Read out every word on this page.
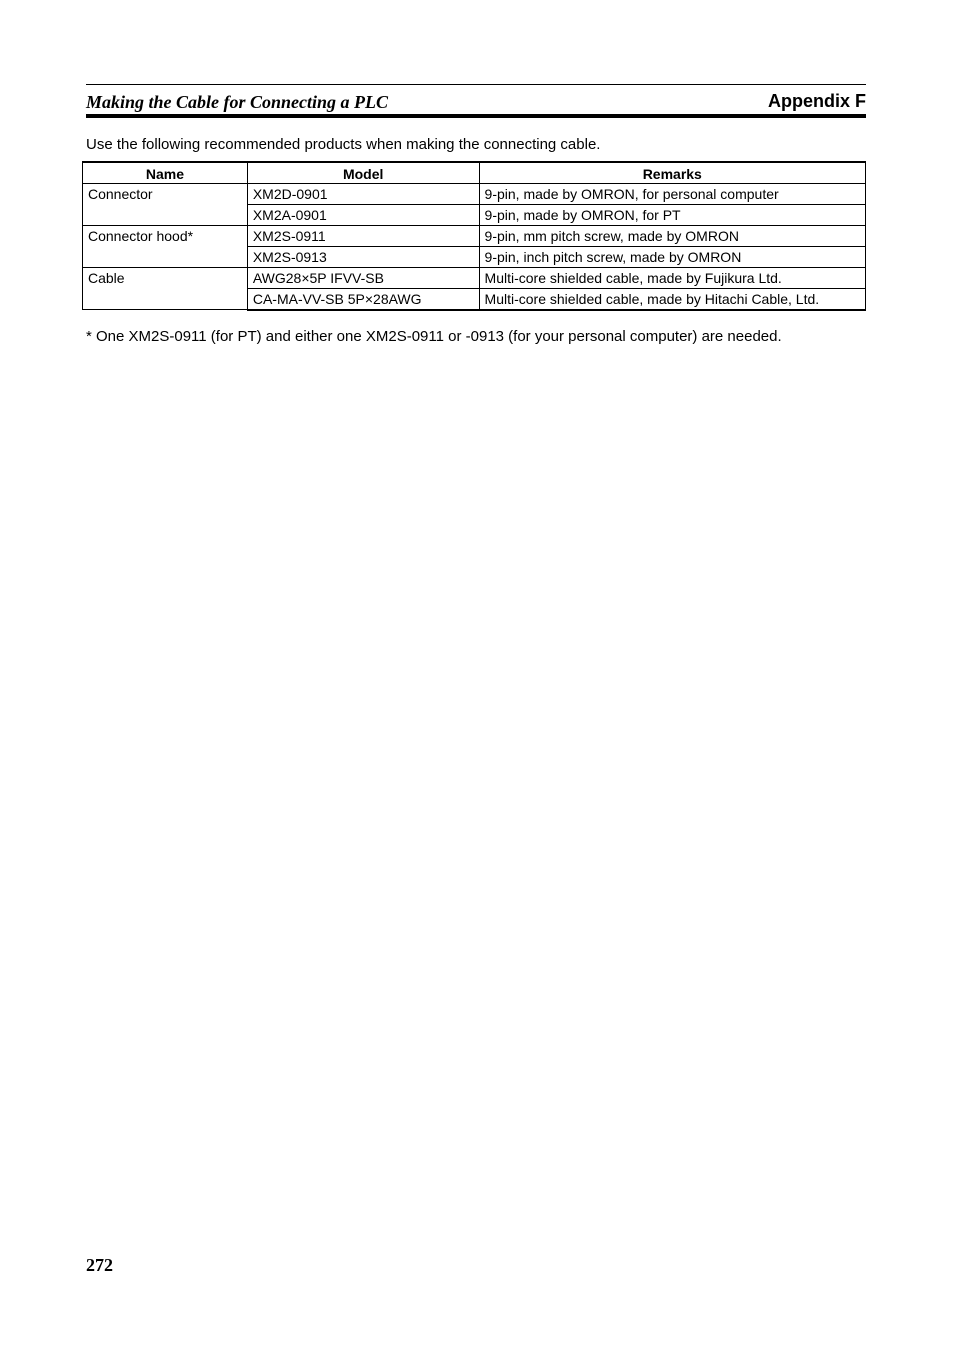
Making the Cable for Connecting a PLC	Appendix F
Use the following recommended products when making the connecting cable.
Name	Model	Remarks
Connector	XM2D-0901	9-pin, made by OMRON, for personal computer
	XM2A-0901	9-pin, made by OMRON, for PT
Connector hood*	XM2S-0911	9-pin, mm pitch screw, made by OMRON
	XM2S-0913	9-pin, inch pitch screw, made by OMRON
Cable	AWG28×5P IFVV-SB	Multi-core shielded cable, made by Fujikura Ltd.
	CA-MA-VV-SB 5P×28AWG	Multi-core shielded cable, made by Hitachi Cable, Ltd.
* One XM2S-0911 (for PT) and either one XM2S-0911 or -0913 (for your personal computer) are needed.
272
